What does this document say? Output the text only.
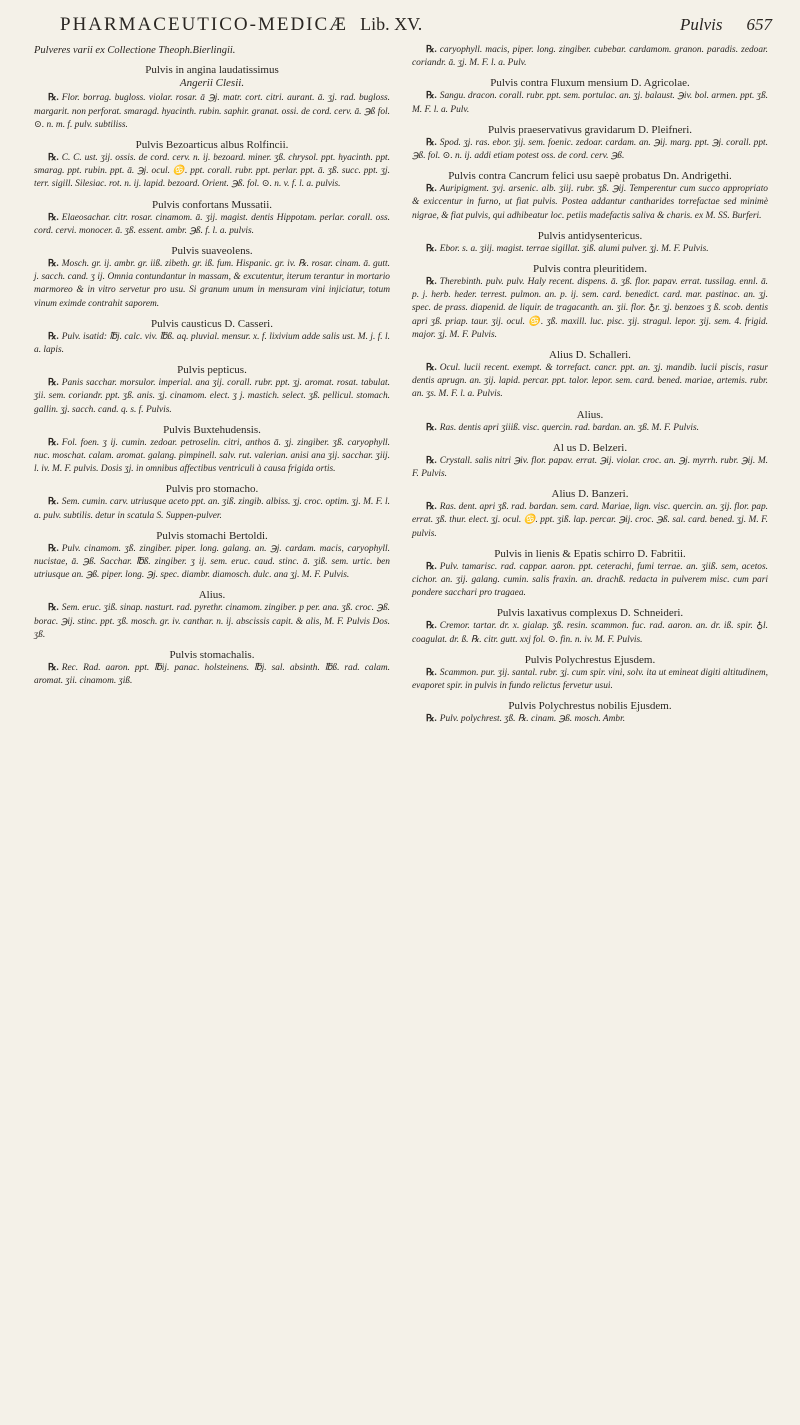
PHARMACEUTICO-MEDICÆ Lib. XV.	Pulvis 657

Pulveres varii ex Collectione Theoph.Bierlingii.

Pulvis in angina laudatissimus

Angerii Clesii.

℞. Flor. borrag. bugloss. violar. rosar. ā ℈j. matr. cort. citri. aurant. ā. ʒj. rad. bugloss. margarit. non perforat. smaragd. hyacinth. rubin. saphir. granat. ossi. de cord. cerv. ā. ℈ß fol. ⊙. n. m. f. pulv. subtiliss.

Pulvis Bezoarticus albus Rolfincii.

℞. C. C. ust. ʒij. ossis. de cord. cerv. n. ij. bezoard. miner. ʒß. chrysol. ppt. hyacinth. ppt. smarag. ppt. rubin. ppt. ā. ℈j. ocul. ♋. ppt. corall. rubr. ppt. perlar. ppt. ā. ʒß. succ. ppt. ʒj. terr. sigill. Silesiac. rot. n. ij. lapid. bezoard. Orient. ℈ß. fol. ⊙. n. v. f. l. a. pulvis.

Pulvis confortans Mussatii.

℞. Elaeosachar. citr. rosar. cinamom. ā. ʒij. magist. dentis Hippotam. perlar. corall. oss. cord. cervi. monocer. ā. ʒß. essent. ambr. ℈ß. f. l. a. pulvis.

Pulvis suaveolens.

℞. Mosch. gr. ij. ambr. gr. iiß. zibeth. gr. iß. fum. Hispanic. gr. iv. ℞. rosar. cinam. ā. gutt. j. sacch. cand. ʒ ij. Omnia contundantur in massam, & excutentur, iterum terantur in mortario marmoreo & in vitro servetur pro usu. Si granum unum in mensuram vini injiciatur, totum vinum eximde contrahit saporem.

Pulvis causticus D. Casseri.

℞. Pulv. isatid: ℔j. calc. viv. ℔ß. aq. pluvial. mensur. x. f. lixivium adde salis ust. M. j. f. l. a. lapis.

Pulvis pepticus.

℞. Panis sacchar. morsulor. imperial. ana ʒij. corall. rubr. ppt. ʒj. aromat. rosat. tabulat. ʒii. sem. coriandr. ppt. ʒß. anis. ʒj. cinamom. elect. ʒ j. mastich. select. ʒß. pellicul. stomach. gallin. ʒj. sacch. cand. q. s. f. Pulvis.

Pulvis Buxtehudensis.

℞. Fol. foen. ʒ ij. cumin. zedoar. petroselin. citri, anthos ā. ʒj. zingiber. ʒß. caryophyll. nuc. moschat. calam. aromat. galang. pimpinell. salv. rut. valerian. anisi ana ʒij. sacchar. ʒiij. l. iv. M. F. pulvis. Dosis ʒj. in omnibus affectibus ventriculi à causa frigida ortis.

Pulvis pro stomacho.

℞. Sem. cumin. carv. utriusque aceto ppt. an. ʒiß. zingib. albiss. ʒj. croc. optim. ʒj. M. F. l. a. pulv. subtilis. detur in scatula S. Suppen-pulver.

Pulvis stomachi Bertoldi.

℞. Pulv. cinamom. ʒß. zingiber. piper. long. galang. an. ℈j. cardam. macis, caryophyll. nucistae, ā. ℈ß. Sacchar. ℔ß. zingiber. ʒ ij. sem. eruc. caud. stinc. ā. ʒiß. sem. urtic. ben utriusque an. ℈ß. piper. long. ℈j. spec. diambr. diamosch. dulc. ana ʒj. M. F. Pulvis.

Alius.

℞. Sem. eruc. ʒiß. sinap. nasturt. rad. pyrethr. cinamom. zingiber. p per. ana. ʒß. croc. ℈ß. borac. ℈ij. stinc. ppt. ʒß. mosch. gr. iv. canthar. n. ij. abscissis capit. & alis, M. F. Pulvis Dos. ʒß.

Pulvis stomachalis.

℞. Rec. Rad. aaron. ppt. ℔ij. panac. holsteinens. ℔j. sal. absinth. ℔ß. rad. calam. aromat. ʒii. cinamom. ʒiß.

℞. caryophyll. macis, piper. long. zingiber. cubebar. cardamom. granon. paradis. zedoar. coriandr. ā. ʒj. M. F. l. a. Pulv.

Pulvis contra Fluxum mensium D. Agricolae.

℞. Sangu. dracon. corall. rubr. ppt. sem. portulac. an. ʒj. balaust. ℈iv. bol. armen. ppt. ʒß. M. F. l. a. Pulv.

Pulvis praeservativus gravidarum D. Pleifneri.

℞. Spod. ʒj. ras. ebor. ʒij. sem. foenic. zedoar. cardam. an. ℈ij. marg. ppt. ℈j. corall. ppt. ℈ß. fol. ⊙. n. ij. addi etiam potest oss. de cord. cerv. ℈ß.

Pulvis contra Cancrum felici usu saepè probatus Dn. Andrigethi.

℞. Auripigment. ʒvj. arsenic. alb. ʒiij. rubr. ʒß. ℈ij. Temperentur cum succo appropriato & exiccentur in furno, ut fiat pulvis. Postea addantur cantharides torrefactae sed minimè nigrae, & fiat pulvis, qui adhibeatur loc. petiis madefactis saliva & charis. ex M. SS. Burferi.

Pulvis antidysentericus.

℞. Ebor. s. a. ʒiij. magist. terrae sigillat. ʒiß. alumi pulver. ʒj. M. F. Pulvis.

Pulvis contra pleuritidem.

℞. Therebinth. pulv. pulv. Haly recent. dispens. ā. ʒß. flor. papav. errat. tussilag. ennl. ā. p. j. herb. heder. terrest. pulmon. an. p. ij. sem. card. benedict. card. mar. pastinac. an. ʒj. spec. de prass. diapenid. de liquir. de tragacanth. an. ʒii. flor. ♁r. ʒj. benzoes ʒ ß. scob. dentis apri ʒß. priap. taur. ʒij. ocul. ♋. ʒß. maxill. luc. pisc. ʒij. stragul. lepor. ʒij. sem. 4. frigid. major. ʒj. M. F. Pulvis.

Alius D. Schalleri.

℞. Ocul. lucii recent. exempt. & torrefact. cancr. ppt. an. ʒj. mandib. lucii piscis, rasur dentis aprugn. an. ʒij. lapid. percar. ppt. talor. lepor. sem. card. bened. mariae, artemis. rubr. an. ʒs. M. F. l. a. Pulvis.

Alius.

℞. Ras. dentis apri ʒiiiß. visc. quercin. rad. bardan. an. ʒß. M. F. Pulvis.

Al us D. Belzeri.

℞. Crystall. salis nitri ℈iv. flor. papav. errat. ℈ij. violar. croc. an. ℈j. myrrh. rubr. ℈ij. M. F. Pulvis.

Alius D. Banzeri.

℞. Ras. dent. apri ʒß. rad. bardan. sem. card. Mariae, lign. visc. quercin. an. ʒij. flor. pap. errat. ʒß. thur. elect. ʒj. ocul. ♋. ppt. ʒiß. lap. percar. ℈ij. croc. ℈ß. sal. card. bened. ʒj. M. F. pulvis.

Pulvis in lienis & Epatis schirro D. Fabritii.

℞. Pulv. tamarisc. rad. cappar. aaron. ppt. ceterachi, fumi terrae. an. ʒiiß. sem, acetos. cichor. an. ʒij. galang. cumin. salis fraxin. an. drachß. redacta in pulverem misc. cum pari pondere sacchari pro tragaea.

Pulvis laxativus complexus D. Schneideri.

℞. Cremor. tartar. dr. x. gialap. ʒß. resin. scammon. fuc. rad. aaron. an. dr. iß. spir. ♁l. coagulat. dr. ß. ℞. citr. gutt. xxj fol. ⊙. fin. n. iv. M. F. Pulvis.

Pulvis Polychrestus Ejusdem.

℞. Scammon. pur. ʒij. santal. rubr. ʒj. cum spir. vini, solv. ita ut emineat digiti altitudinem, evaporet spir. in pulvis in fundo relictus fervetur usui.

Pulvis Polychrestus nobilis Ejusdem.

℞. Pulv. polychrest. ʒß. ℞. cinam. ℈ß. mosch. Ambr.
